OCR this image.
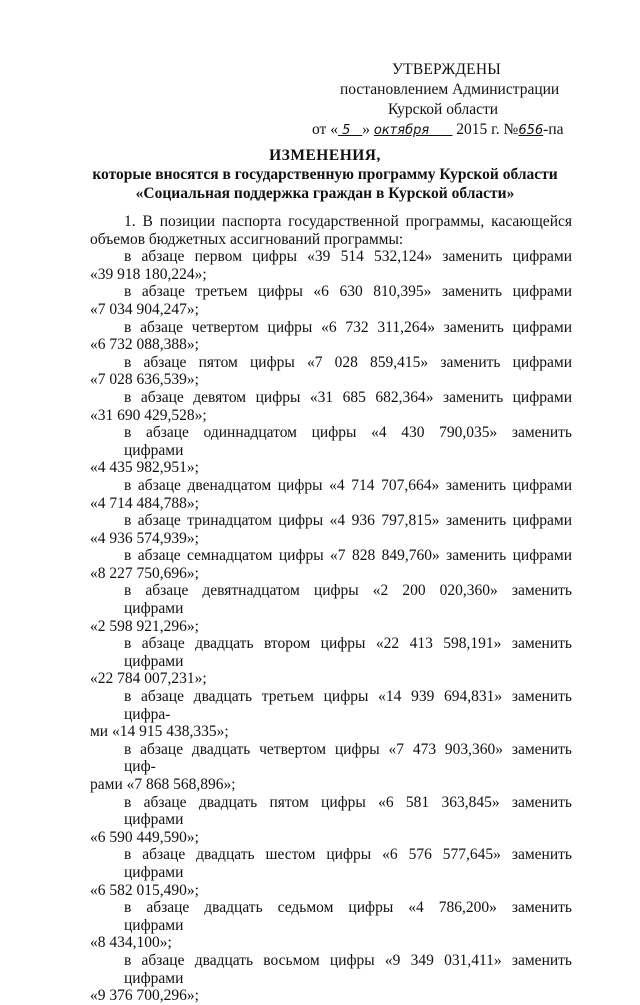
УТВЕРЖДЕНЫ
постановлением Администрации
Курской области
от « 5 _» октября___ 2015 г. №656-па
ИЗМЕНЕНИЯ,
которые вносятся в государственную программу Курской области
«Социальная поддержка граждан в Курской области»

1. В позиции паспорта государственной программы, касающейся
объемов бюджетных ассигнований программы:

в абзаце первом цифры «39 514 532,124» заменить цифрами
«39 918 180,224»;
в абзаце третьем цифры «6 630 810,395» заменить цифрами
«7 034 904,247»;
в абзаце четвертом цифры «6 732 311,264» заменить цифрами
«6 732 088,388»;
в абзаце пятом цифры «7 028 859,415» заменить цифрами
«7 028 636,539»;
в абзаце девятом цифры «31 685 682,364» заменить цифрами
«31 690 429,528»;
в абзаце одиннадцатом цифры «4 430 790,035» заменить цифрами
«4 435 982,951»;
в абзаце двенадцатом цифры «4 714 707,664» заменить цифрами
«4 714 484,788»;
в абзаце тринадцатом цифры «4 936 797,815» заменить цифрами
«4 936 574,939»;
в абзаце семнадцатом цифры «7 828 849,760» заменить цифрами
«8 227 750,696»;
в абзаце девятнадцатом цифры «2 200 020,360» заменить цифрами
«2 598 921,296»;
в абзаце двадцать втором цифры «22 413 598,191» заменить цифрами
«22 784 007,231»;
в абзаце двадцать третьем цифры «14 939 694,831» заменить цифра-
ми «14 915 438,335»;
в абзаце двадцать четвертом цифры «7 473 903,360» заменить циф-
рами «7 868 568,896»;
в абзаце двадцать пятом цифры «6 581 363,845» заменить цифрами
«6 590 449,590»;
в абзаце двадцать шестом цифры «6 576 577,645» заменить цифрами
«6 582 015,490»;
в абзаце двадцать седьмом цифры «4 786,200» заменить цифрами
«8 434,100»;
в абзаце двадцать восьмом цифры «9 349 031,411» заменить цифрами
«9 376 700,296»;
